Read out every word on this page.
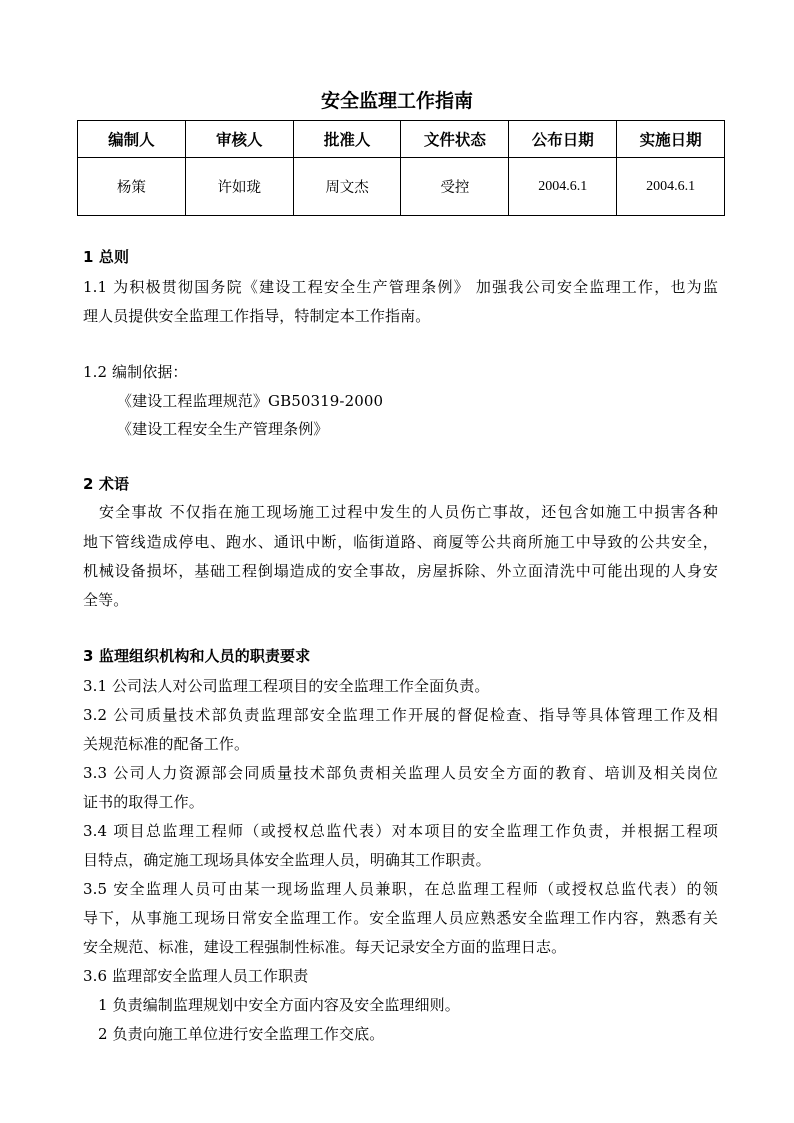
安全监理工作指南
编制人	审核人	批准人	文件状态	公布日期	实施日期
杨策	许如珑	周文杰	受控	2004.6.1	2004.6.1
1 总则
1.1 为积极贯彻国务院《建设工程安全生产管理条例》 加强我公司安全监理工作，也为监
理人员提供安全监理工作指导，特制定本工作指南。
1.2 编制依据：
《建设工程监理规范》GB50319-2000
《建设工程安全生产管理条例》
2 术语
安全事故 不仅指在施工现场施工过程中发生的人员伤亡事故，还包含如施工中损害各种
地下管线造成停电、跑水、通讯中断，临街道路、商厦等公共商所施工中导致的公共安全，
机械设备损坏，基础工程倒塌造成的安全事故，房屋拆除、外立面清洗中可能出现的人身安
全等。
3 监理组织机构和人员的职责要求
3.1 公司法人对公司监理工程项目的安全监理工作全面负责。
3.2 公司质量技术部负责监理部安全监理工作开展的督促检查、指导等具体管理工作及相
关规范标准的配备工作。
3.3 公司人力资源部会同质量技术部负责相关监理人员安全方面的教育、培训及相关岗位
证书的取得工作。
3.4 项目总监理工程师（或授权总监代表）对本项目的安全监理工作负责，并根据工程项
目特点，确定施工现场具体安全监理人员，明确其工作职责。
3.5 安全监理人员可由某一现场监理人员兼职，在总监理工程师（或授权总监代表）的领
导下，从事施工现场日常安全监理工作。安全监理人员应熟悉安全监理工作内容，熟悉有关
安全规范、标准，建设工程强制性标准。每天记录安全方面的监理日志。
3.6 监理部安全监理人员工作职责
1 负责编制监理规划中安全方面内容及安全监理细则。
2 负责向施工单位进行安全监理工作交底。
